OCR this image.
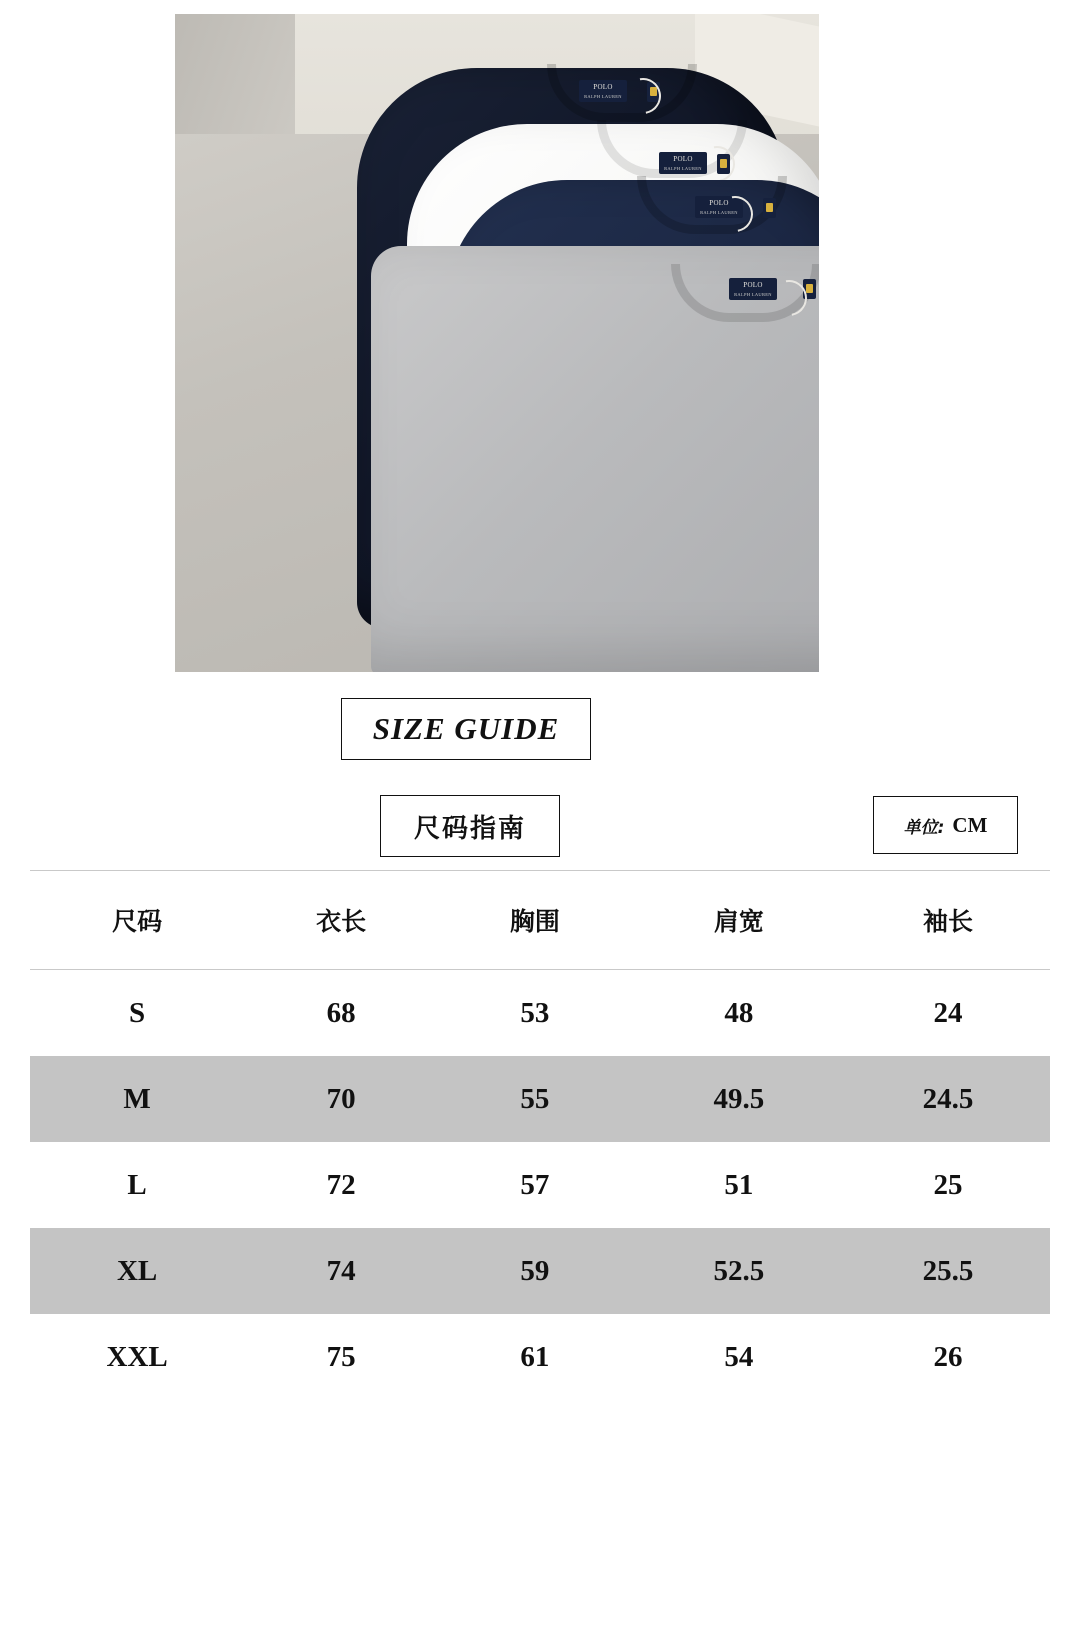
POLO
RALPH LAUREN
POLO
RALPH LAUREN
POLO
RALPH LAUREN
POLO
RALPH LAUREN
SIZE GUIDE
尺码指南	单位: CM
尺码	衣长	胸围	肩宽	袖长
S	68	53	48	24
M	70	55	49.5	24.5
L	72	57	51	25
XL	74	59	52.5	25.5
XXL	75	61	54	26
